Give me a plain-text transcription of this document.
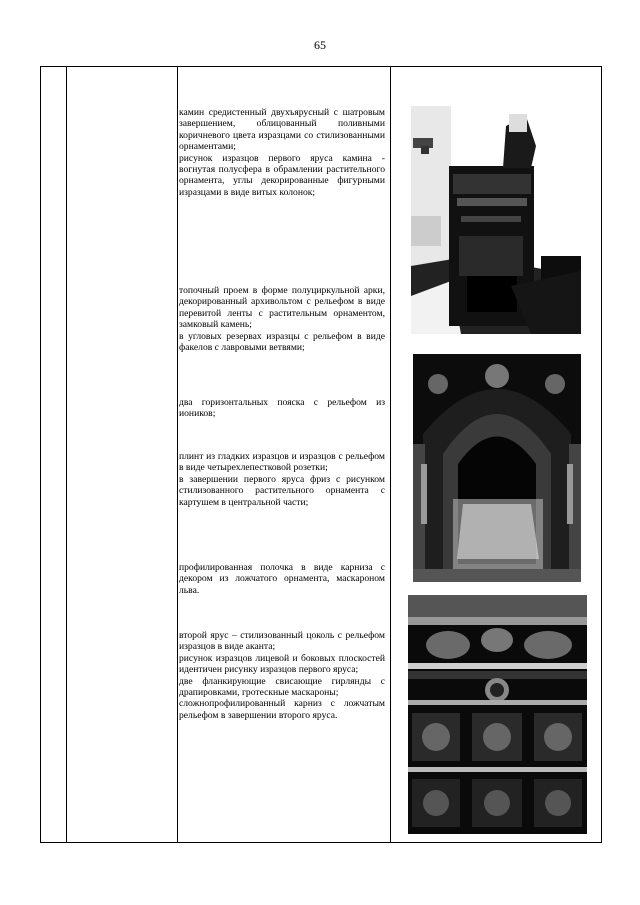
65
камин средистенный двухъярусный с шатровым завершением, облицованный поливными коричневого цвета изразцами со стилизованными орнаментами;
рисунок изразцов первого яруса камина - вогнутая полусфера в обрамлении растительного орнамента, углы декорированные фигурными изразцами в виде витых колонок;
топочный проем в форме полуциркульной арки, декорированный архивольтом с рельефом в виде перевитой ленты с растительным орнаментом, замковый камень;
в угловых резервах изразцы с рельефом в виде факелов с лавровыми ветвями;
два горизонтальных пояска с рельефом из иоников;
плинт из гладких изразцов и изразцов с рельефом в виде четырехлепестковой розетки;
в завершении первого яруса фриз с рисунком стилизованного растительного орнамента с картушем в центральной части;
профилированная полочка в виде карниза с декором из ложчатого орнамента, маскароном льва.
второй ярус – стилизованный цоколь с рельефом изразцов в виде аканта;
рисунок изразцов лицевой и боковых плоскостей идентичен рисунку изразцов первого яруса;
две фланкирующие свисающие гирлянды с драпировками, гротескные маскароны;
сложнопрофилированный карниз с ложчатым рельефом в завершении второго яруса.
